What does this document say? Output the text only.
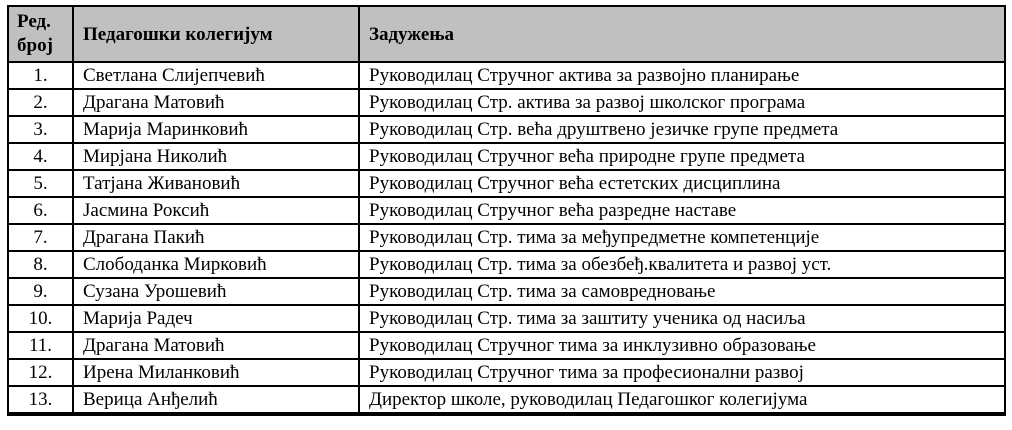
Ред. број	Педагошки колегијум	Задужења
1.	Светлана Слијепчевић	Руководилац Стручног актива за развојно планирање
2.	Драгана Матовић	Руководилац Стр. актива за развој школског програма
3.	Марија Маринковић	Руководилац Стр. већа друштвено језичке групе предмета
4.	Мирјана Николић	Руководилац Стручног већа природне групе предмета
5.	Татјана Живановић	Руководилац Стручног већа естетских дисциплина
6.	Јасмина Роксић	Руководилац Стручног већа разредне наставе
7.	Драгана Пакић	Руководилац Стр. тима за међупредметне компетенције
8.	Слободанка Мирковић	Руководилац Стр. тима за обезбеђ.квалитета и развој уст.
9.	Сузана Урошевић	Руководилац Стр. тима за самовредновање
10.	Марија Радеч	Руководилац Стр. тима за заштиту ученика од насиља
11.	Драгана Матовић	Руководилац Стручног тима за инклузивно образовање
12.	Ирена Миланковић	Руководилац Стручног тима за професионални развој
13.	Верица Анђелић	Директор школе, руководилац Педагошког колегијума
